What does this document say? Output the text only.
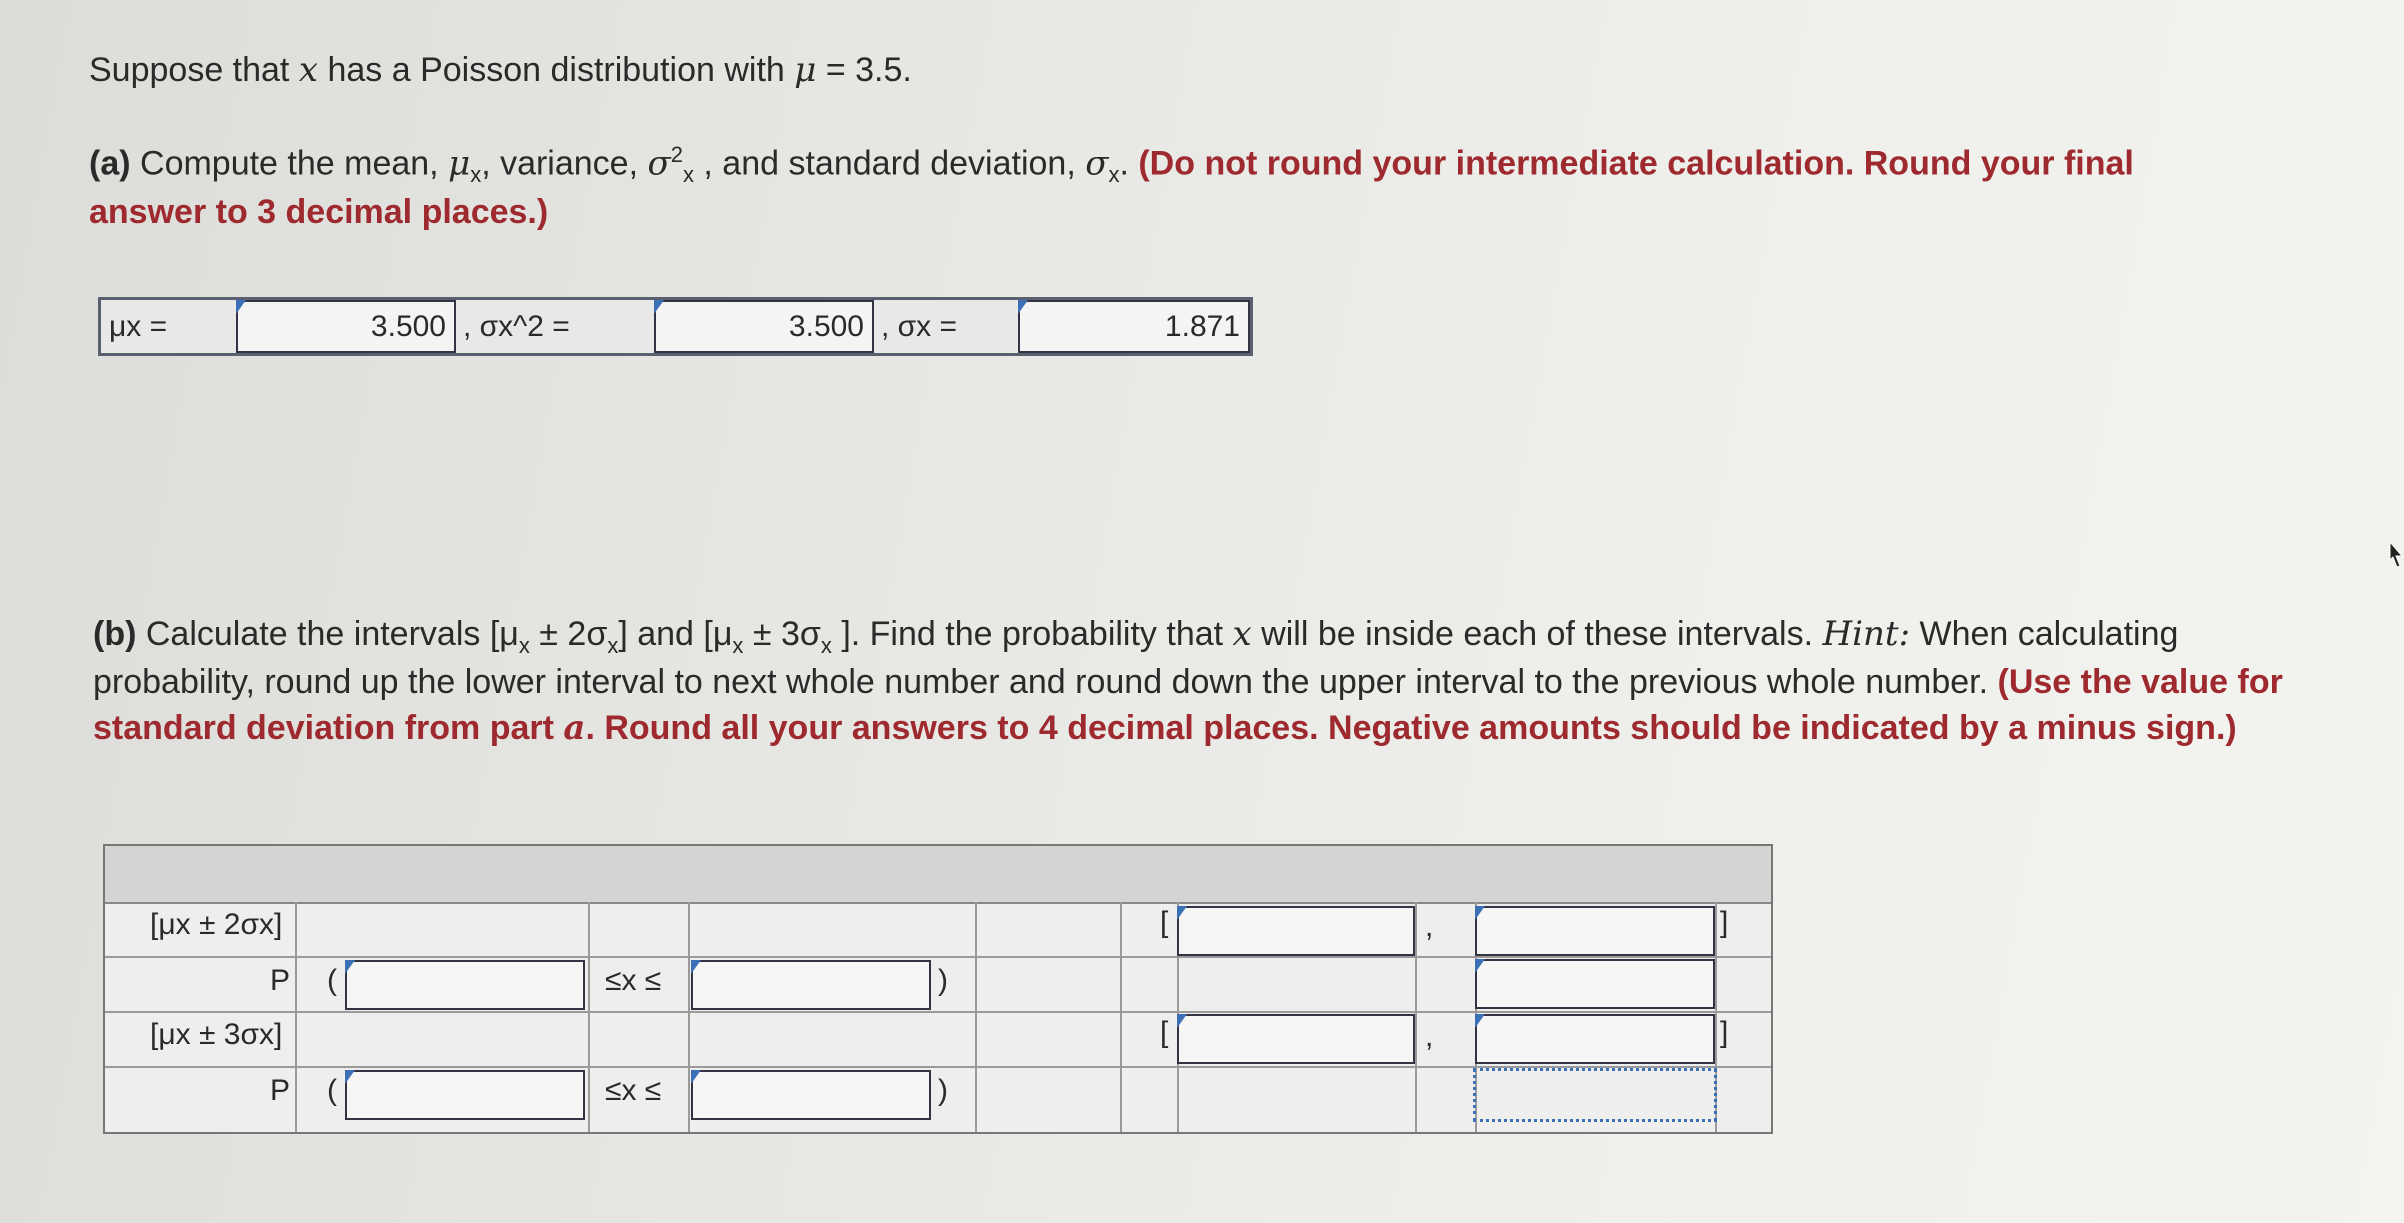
Suppose that x has a Poisson distribution with μ = 3.5.
(a) Compute the mean, $\mu_x$, variance, $\sigma^2_x$ , and standard deviation, $\sigma_x$. (Do not round your intermediate calculation. Round your final answer to 3 decimal places.)
μx =	3.500 , σx^2 =	3.500 , σx =	1.871
(b) Calculate the intervals $[\mu_x \pm 2\sigma_x]$ and [$\mu_x \pm 3\sigma_x$ ]. Find the probability that x will be inside each of these intervals. Hint: When calculating probability, round up the lower interval to next whole number and round down the upper interval to the previous whole number. (Use the value for standard deviation from part a. Round all your answers to 4 decimal places. Negative amounts should be indicated by a minus sign.)
[μx ± 2σx]	[	,	]
P (	≤x ≤	)
[μx ± 3σx]	[	,	]
P (	≤x ≤	)
